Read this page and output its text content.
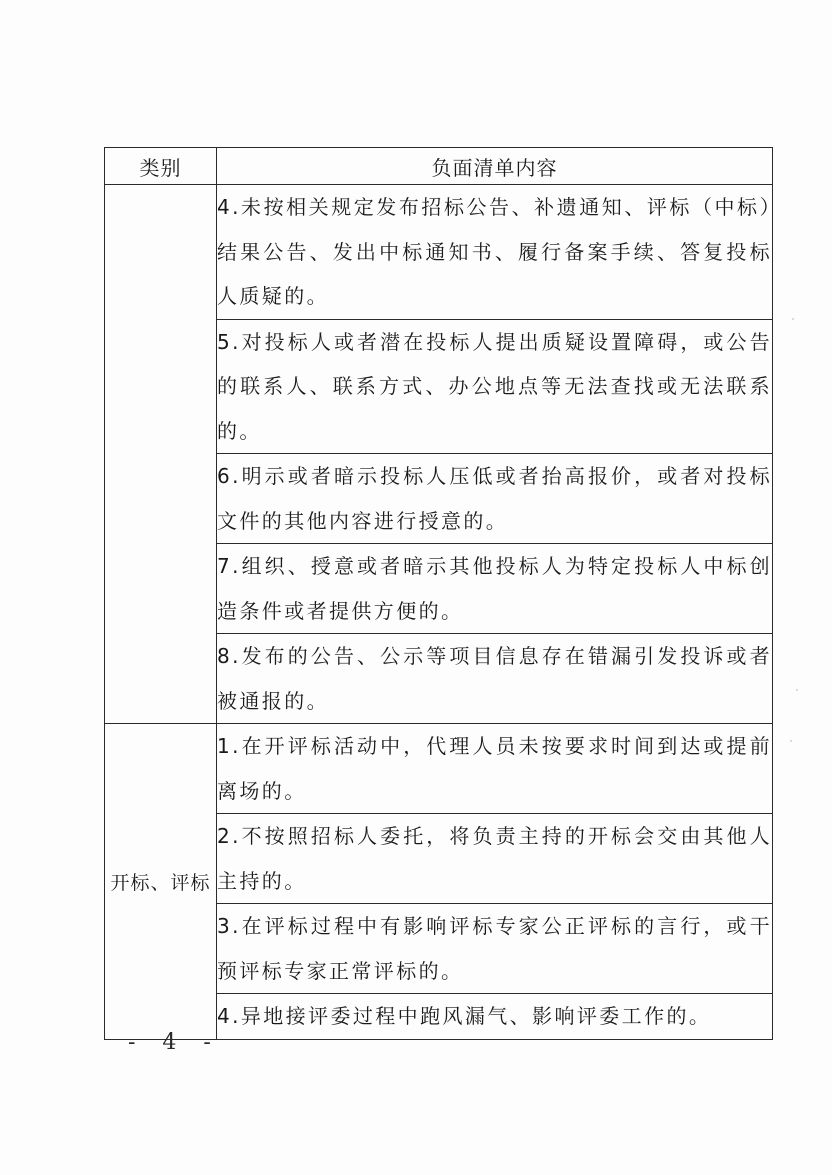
类别	负面清单内容
	4.未按相关规定发布招标公告、补遗通知、评标（中标）结果公告、发出中标通知书、履行备案手续、答复投标人质疑的。
	5.对投标人或者潜在投标人提出质疑设置障碍，或公告的联系人、联系方式、办公地点等无法查找或无法联系的。
	6.明示或者暗示投标人压低或者抬高报价，或者对投标文件的其他内容进行授意的。
	7.组织、授意或者暗示其他投标人为特定投标人中标创造条件或者提供方便的。
	8.发布的公告、公示等项目信息存在错漏引发投诉或者被通报的。
开标、评标	1.在开评标活动中，代理人员未按要求时间到达或提前离场的。
	2.不按照招标人委托，将负责主持的开标会交由其他人主持的。
	3.在评标过程中有影响评标专家公正评标的言行，或干预评标专家正常评标的。
	4.异地接评委过程中跑风漏气、影响评委工作的。
- 4 -
